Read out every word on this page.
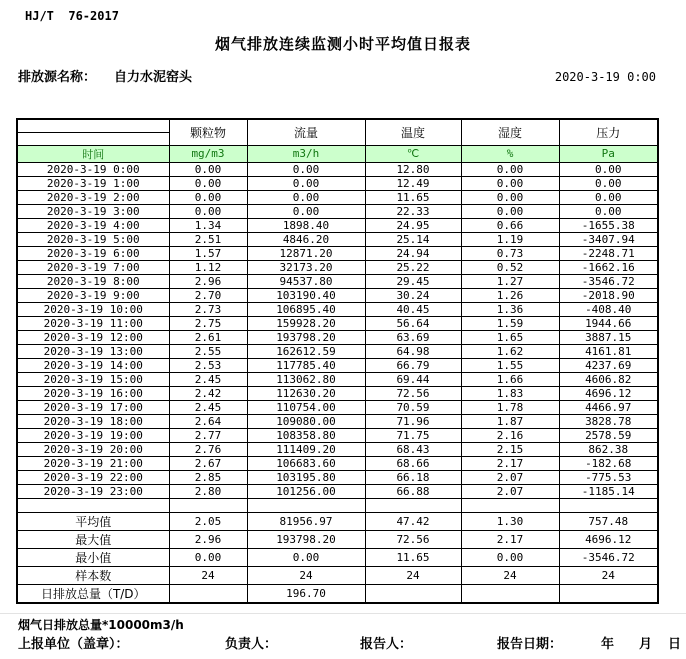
HJ/T  76-2017
烟气排放连续监测小时平均值日报表
排放源名称： 自力水泥窑头	2020-3-19 0:00
	颗粒物	流量	温度	湿度	压力

时间	mg/m3	m3/h	℃	%	Pa
2020-3-19 0:00	0.00	0.00	12.80	0.00	0.00
2020-3-19 1:00	0.00	0.00	12.49	0.00	0.00
2020-3-19 2:00	0.00	0.00	11.65	0.00	0.00
2020-3-19 3:00	0.00	0.00	22.33	0.00	0.00
2020-3-19 4:00	1.34	1898.40	24.95	0.66	-1655.38
2020-3-19 5:00	2.51	4846.20	25.14	1.19	-3407.94
2020-3-19 6:00	1.57	12871.20	24.94	0.73	-2248.71
2020-3-19 7:00	1.12	32173.20	25.22	0.52	-1662.16
2020-3-19 8:00	2.96	94537.80	29.45	1.27	-3546.72
2020-3-19 9:00	2.70	103190.40	30.24	1.26	-2018.90
2020-3-19 10:00	2.73	106895.40	40.45	1.36	-408.40
2020-3-19 11:00	2.75	159928.20	56.64	1.59	1944.66
2020-3-19 12:00	2.61	193798.20	63.69	1.65	3887.15
2020-3-19 13:00	2.55	162612.59	64.98	1.62	4161.81
2020-3-19 14:00	2.53	117785.40	66.79	1.55	4237.69
2020-3-19 15:00	2.45	113062.80	69.44	1.66	4606.82
2020-3-19 16:00	2.42	112630.20	72.56	1.83	4696.12
2020-3-19 17:00	2.45	110754.00	70.59	1.78	4466.97
2020-3-19 18:00	2.64	109080.00	71.96	1.87	3828.78
2020-3-19 19:00	2.77	108358.80	71.75	2.16	2578.59
2020-3-19 20:00	2.76	111409.20	68.43	2.15	862.38
2020-3-19 21:00	2.67	106683.60	68.66	2.17	-182.68
2020-3-19 22:00	2.85	103195.80	66.18	2.07	-775.53
2020-3-19 23:00	2.80	101256.00	66.88	2.07	-1185.14

平均值	2.05	81956.97	47.42	1.30	757.48
最大值	2.96	193798.20	72.56	2.17	4696.12
最小值	0.00	0.00	11.65	0.00	-3546.72
样本数	24	24	24	24	24
日排放总量（T/D）		196.70			
烟气日排放总量*10000m3/h
上报单位（盖章）：	负责人：	报告人：	报告日期：	年 月 日
